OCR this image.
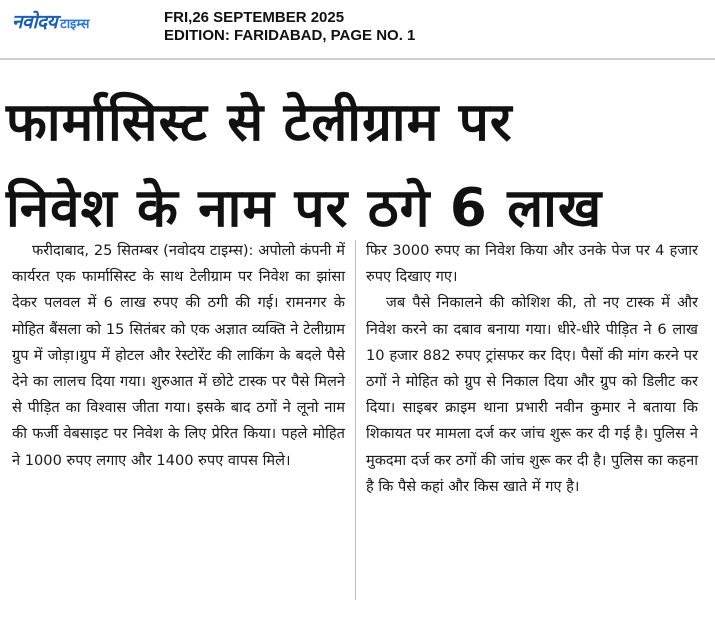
नवोदय टाइम्स	FRI,26 SEPTEMBER 2025
EDITION: FARIDABAD, PAGE NO. 1
फार्मासिस्ट से टेलीग्राम पर
निवेश के नाम पर ठगे 6 लाख

फरीदाबाद, 25 सितम्बर (नवोदय टाइम्स): अपोलो कंपनी में कार्यरत एक फार्मासिस्ट के साथ टेलीग्राम पर निवेश का झांसा देकर पलवल में 6 लाख रुपए की ठगी की गई। रामनगर के मोहित बैंसला को 15 सितंबर को एक अज्ञात व्यक्ति ने टेलीग्राम ग्रुप में जोड़ा।ग्रुप में होटल और रेस्टोरेंट की लाकिंग के बदले पैसे देने का लालच दिया गया। शुरुआत में छोटे टास्क पर पैसे मिलने से पीड़ित का विश्वास जीता गया। इसके बाद ठगों ने लूनो नाम की फर्जी वेबसाइट पर निवेश के लिए प्रेरित किया। पहले मोहित ने 1000 रुपए लगाए और 1400 रुपए वापस मिले।

फिर 3000 रुपए का निवेश किया और उनके पेज पर 4 हजार रुपए दिखाए गए।

जब पैसे निकालने की कोशिश की, तो नए टास्क में और निवेश करने का दबाव बनाया गया। धीरे-धीरे पीड़ित ने 6 लाख 10 हजार 882 रुपए ट्रांसफर कर दिए। पैसों की मांग करने पर ठगों ने मोहित को ग्रुप से निकाल दिया और ग्रुप को डिलीट कर दिया। साइबर क्राइम थाना प्रभारी नवीन कुमार ने बताया कि शिकायत पर मामला दर्ज कर जांच शुरू कर दी गई है। पुलिस ने मुकदमा दर्ज कर ठगों की जांच शुरू कर दी है। पुलिस का कहना है कि पैसे कहां और किस खाते में गए है।
